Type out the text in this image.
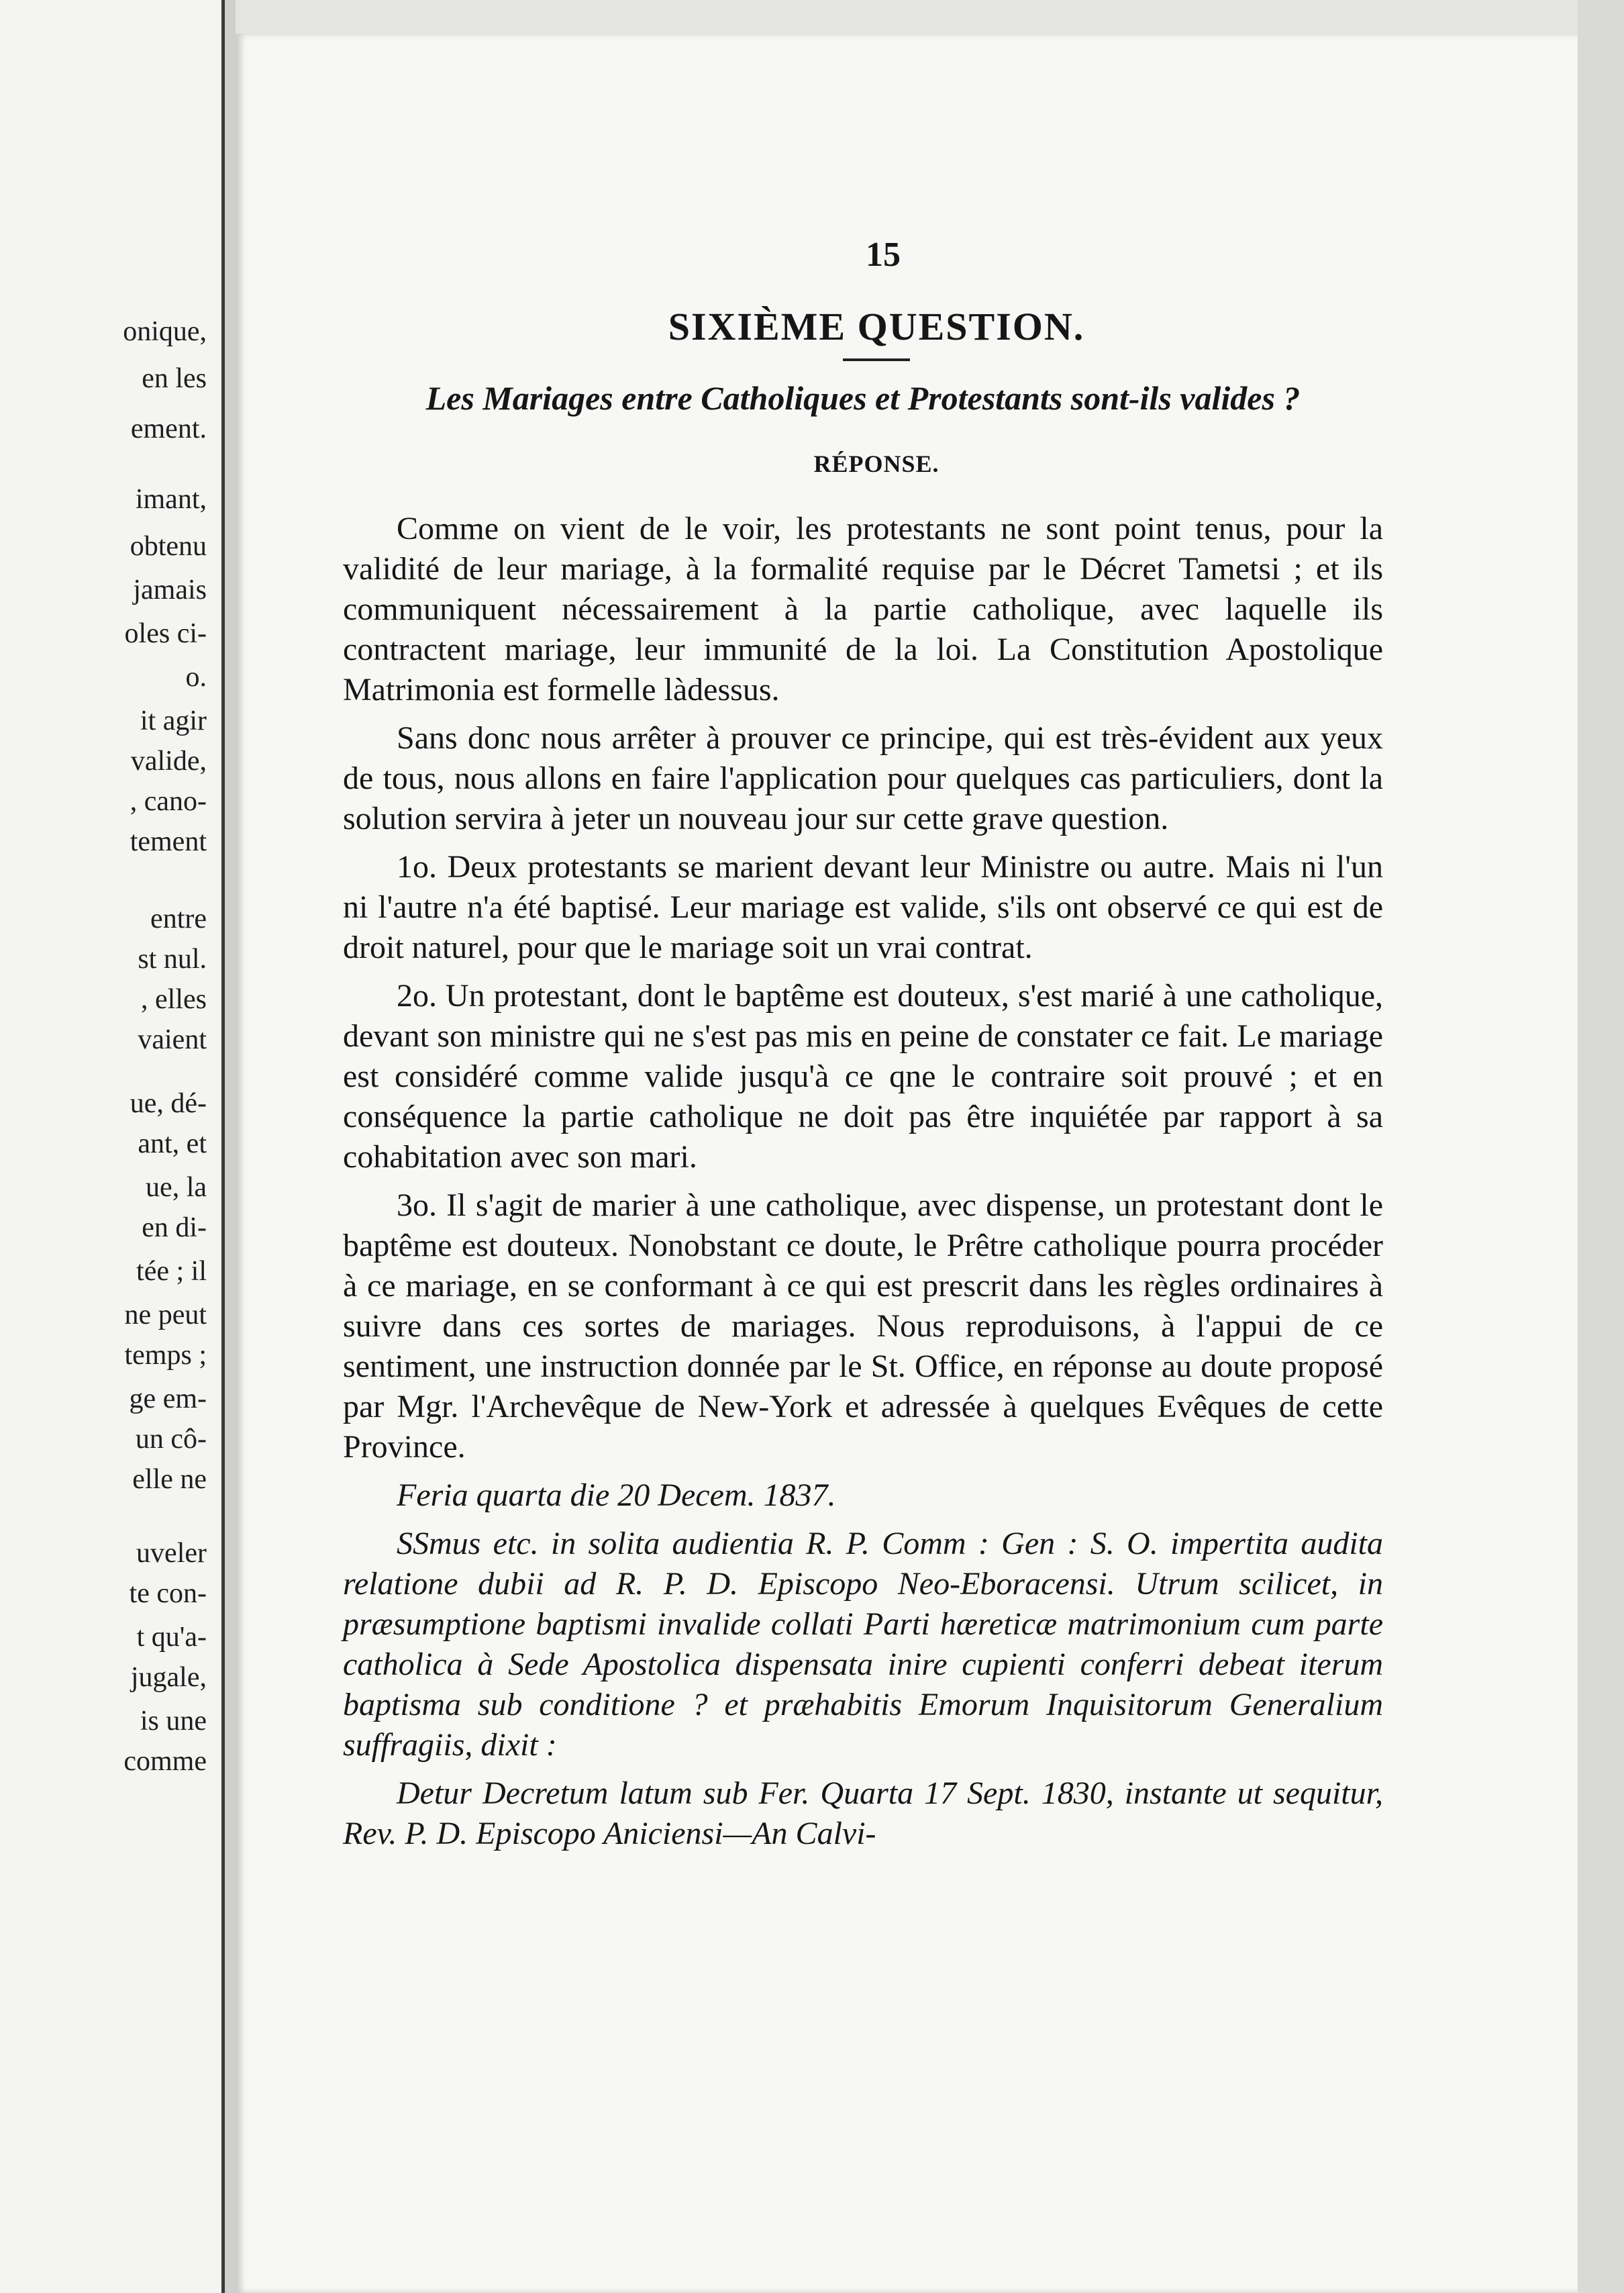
onique,
en les
ement.
imant,
obtenu
jamais
oles ci-
o.
it agir
valide,
, cano-
tement
entre
st nul.
, elles
vaient
ue, dé-
ant, et
ue, la
en di-
tée ; il
ne peut
temps ;
ge em-
un cô-
elle ne
uveler
te con-
t qu'a-
jugale,
is une
comme
15
SIXIÈME QUESTION.
Les Mariages entre Catholiques et Protestants sont-ils valides ?
RÉPONSE.

Comme on vient de le voir, les protestants ne sont point tenus, pour la validité de leur mariage, à la formalité requise par le Décret Tametsi ; et ils communiquent nécessairement à la partie catholique, avec laquelle ils contractent mariage, leur immunité de la loi. La Constitution Apostolique Matrimonia est formelle làdessus.

Sans donc nous arrêter à prouver ce principe, qui est très-évident aux yeux de tous, nous allons en faire l'application pour quelques cas particuliers, dont la solution servira à jeter un nouveau jour sur cette grave question.

1o. Deux protestants se marient devant leur Ministre ou autre. Mais ni l'un ni l'autre n'a été baptisé. Leur mariage est valide, s'ils ont observé ce qui est de droit naturel, pour que le mariage soit un vrai contrat.

2o. Un protestant, dont le baptême est douteux, s'est marié à une catholique, devant son ministre qui ne s'est pas mis en peine de constater ce fait. Le mariage est considéré comme valide jusqu'à ce qne le contraire soit prouvé ; et en conséquence la partie catholique ne doit pas être inquiétée par rapport à sa cohabitation avec son mari.

3o. Il s'agit de marier à une catholique, avec dispense, un protestant dont le baptême est douteux. Nonobstant ce doute, le Prêtre catholique pourra procéder à ce mariage, en se conformant à ce qui est prescrit dans les règles ordinaires à suivre dans ces sortes de mariages. Nous reproduisons, à l'appui de ce sentiment, une instruction donnée par le St. Office, en réponse au doute proposé par Mgr. l'Archevêque de New-York et adressée à quelques Evêques de cette Province.

Feria quarta die 20 Decem. 1837.

SSmus etc. in solita audientia R. P. Comm : Gen : S. O. impertita audita relatione dubii ad R. P. D. Episcopo Neo-Eboracensi. Utrum scilicet, in præsumptione baptismi invalide collati Parti hæreticæ matrimonium cum parte catholica à Sede Apostolica dispensata inire cupienti conferri debeat iterum baptisma sub conditione ? et præhabitis Emorum Inquisitorum Generalium suffragiis, dixit :

Detur Decretum latum sub Fer. Quarta 17 Sept. 1830, instante ut sequitur, Rev. P. D. Episcopo Aniciensi—An Calvi-
